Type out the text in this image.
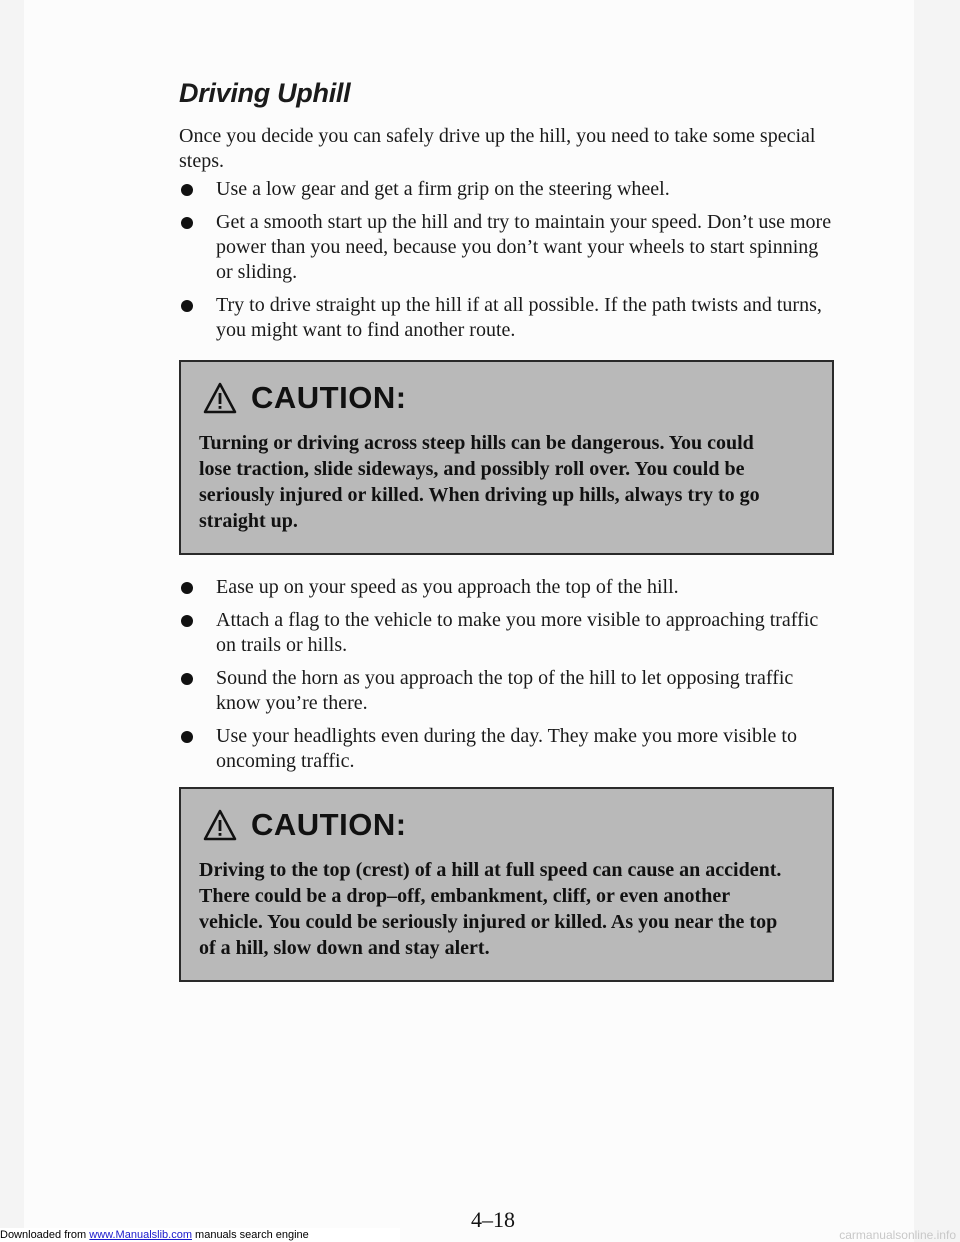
Driving Uphill

Once you decide you can safely drive up the hill, you need to take some special steps.

Use a low gear and get a firm grip on the steering wheel.
Get a smooth start up the hill and try to maintain your speed. Don’t use more power than you need, because you don’t want your wheels to start spinning or sliding.
Try to drive straight up the hill if at all possible. If the path twists and turns, you might want to find another route.
CAUTION:

Turning or driving across steep hills can be dangerous. You could lose traction, slide sideways, and possibly roll over. You could be seriously injured or killed. When driving up hills, always try to go straight up.

Ease up on your speed as you approach the top of the hill.
Attach a flag to the vehicle to make you more visible to approaching traffic on trails or hills.
Sound the horn as you approach the top of the hill to let opposing traffic know you’re there.
Use your headlights even during the day. They make you more visible to oncoming traffic.
CAUTION:

Driving to the top (crest) of a hill at full speed can cause an accident. There could be a drop–off, embankment, cliff, or even another vehicle. You could be seriously injured or killed. As you near the top of a hill, slow down and stay alert.

4–18
Downloaded from www.Manualslib.com manuals search engine	carmanualsonline.info
